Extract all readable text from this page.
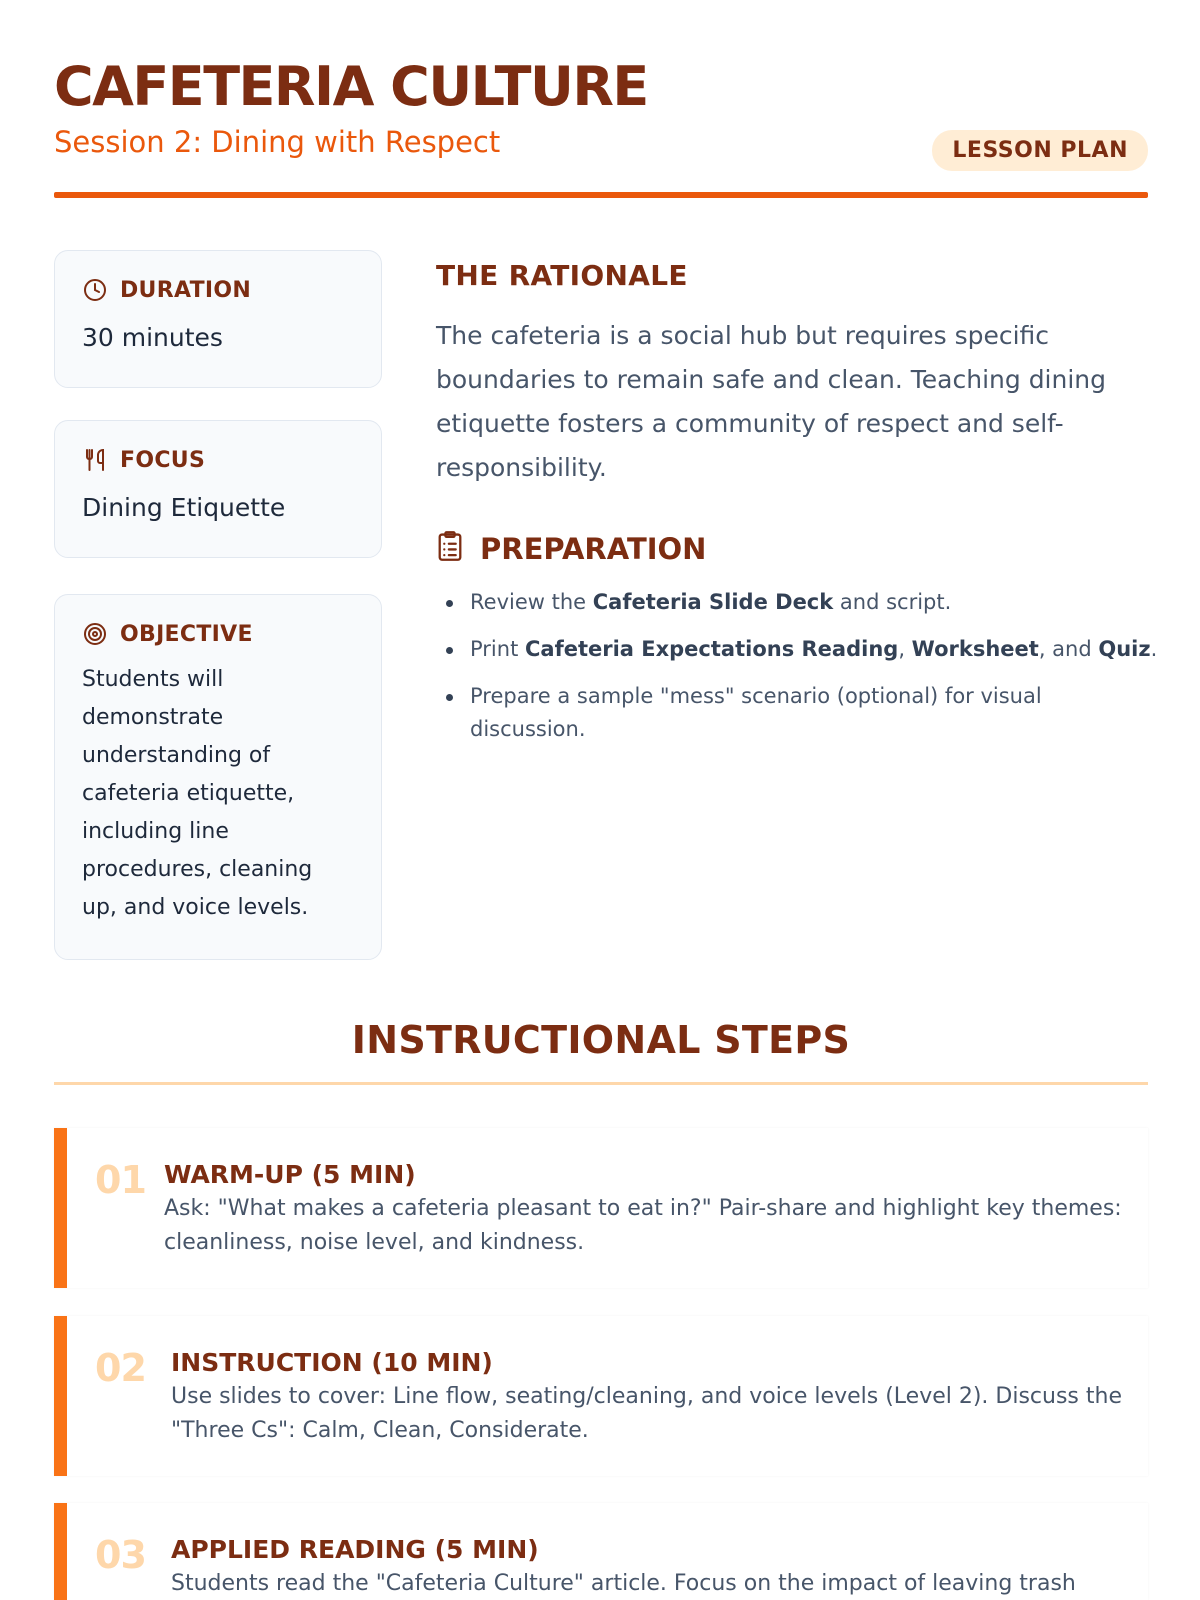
CAFETERIA CULTURE
Session 2: Dining with Respect	LESSON PLAN
DURATION
30 minutes
FOCUS
Dining Etiquette
OBJECTIVE
Students will demonstrate understanding of cafeteria etiquette, including line procedures, cleaning up, and voice levels.
THE RATIONALE
The cafeteria is a social hub but requires specific boundaries to remain safe and clean. Teaching dining etiquette fosters a community of respect and self-responsibility.
PREPARATION
Review the Cafeteria Slide Deck and script.
Print Cafeteria Expectations Reading, Worksheet, and Quiz.
Prepare a sample "mess" scenario (optional) for visual discussion.
INSTRUCTIONAL STEPS
01 WARM-UP (5 MIN)
Ask: "What makes a cafeteria pleasant to eat in?" Pair-share and highlight key themes: cleanliness, noise level, and kindness.
02 INSTRUCTION (10 MIN)
Use slides to cover: Line flow, seating/cleaning, and voice levels (Level 2). Discuss the "Three Cs": Calm, Clean, Considerate.
03 APPLIED READING (5 MIN)
Students read the "Cafeteria Culture" article. Focus on the impact of leaving trash
